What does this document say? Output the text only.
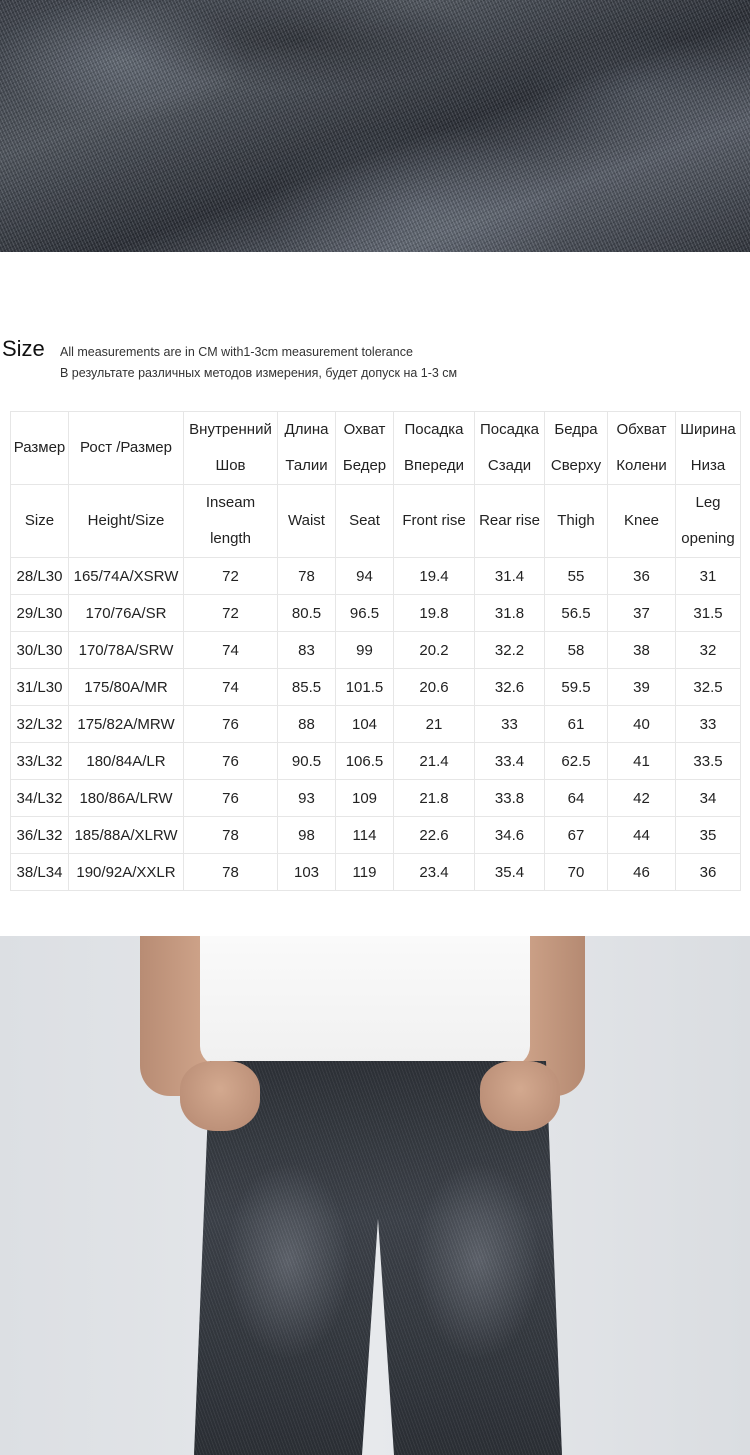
Size All measurements are in CM with1-3cm measurement tolerance
В результате различных методов измерения, будет допуск на 1-3 см
Размер	Рост /Размер	Внутренний Шов	Длина Талии	Охват Бедер	Посадка Впереди	Посадка Сзади	Бедра Сверху	Обхват Колени	Ширина Низа
Size	Height/Size	Inseam length	Waist	Seat	Front rise	Rear rise	Thigh	Knee	Leg opening
28/L30	165/74A/XSRW	72	78	94	19.4	31.4	55	36	31
29/L30	170/76A/SR	72	80.5	96.5	19.8	31.8	56.5	37	31.5
30/L30	170/78A/SRW	74	83	99	20.2	32.2	58	38	32
31/L30	175/80A/MR	74	85.5	101.5	20.6	32.6	59.5	39	32.5
32/L32	175/82A/MRW	76	88	104	21	33	61	40	33
33/L32	180/84A/LR	76	90.5	106.5	21.4	33.4	62.5	41	33.5
34/L32	180/86A/LRW	76	93	109	21.8	33.8	64	42	34
36/L32	185/88A/XLRW	78	98	114	22.6	34.6	67	44	35
38/L34	190/92A/XXLR	78	103	119	23.4	35.4	70	46	36
